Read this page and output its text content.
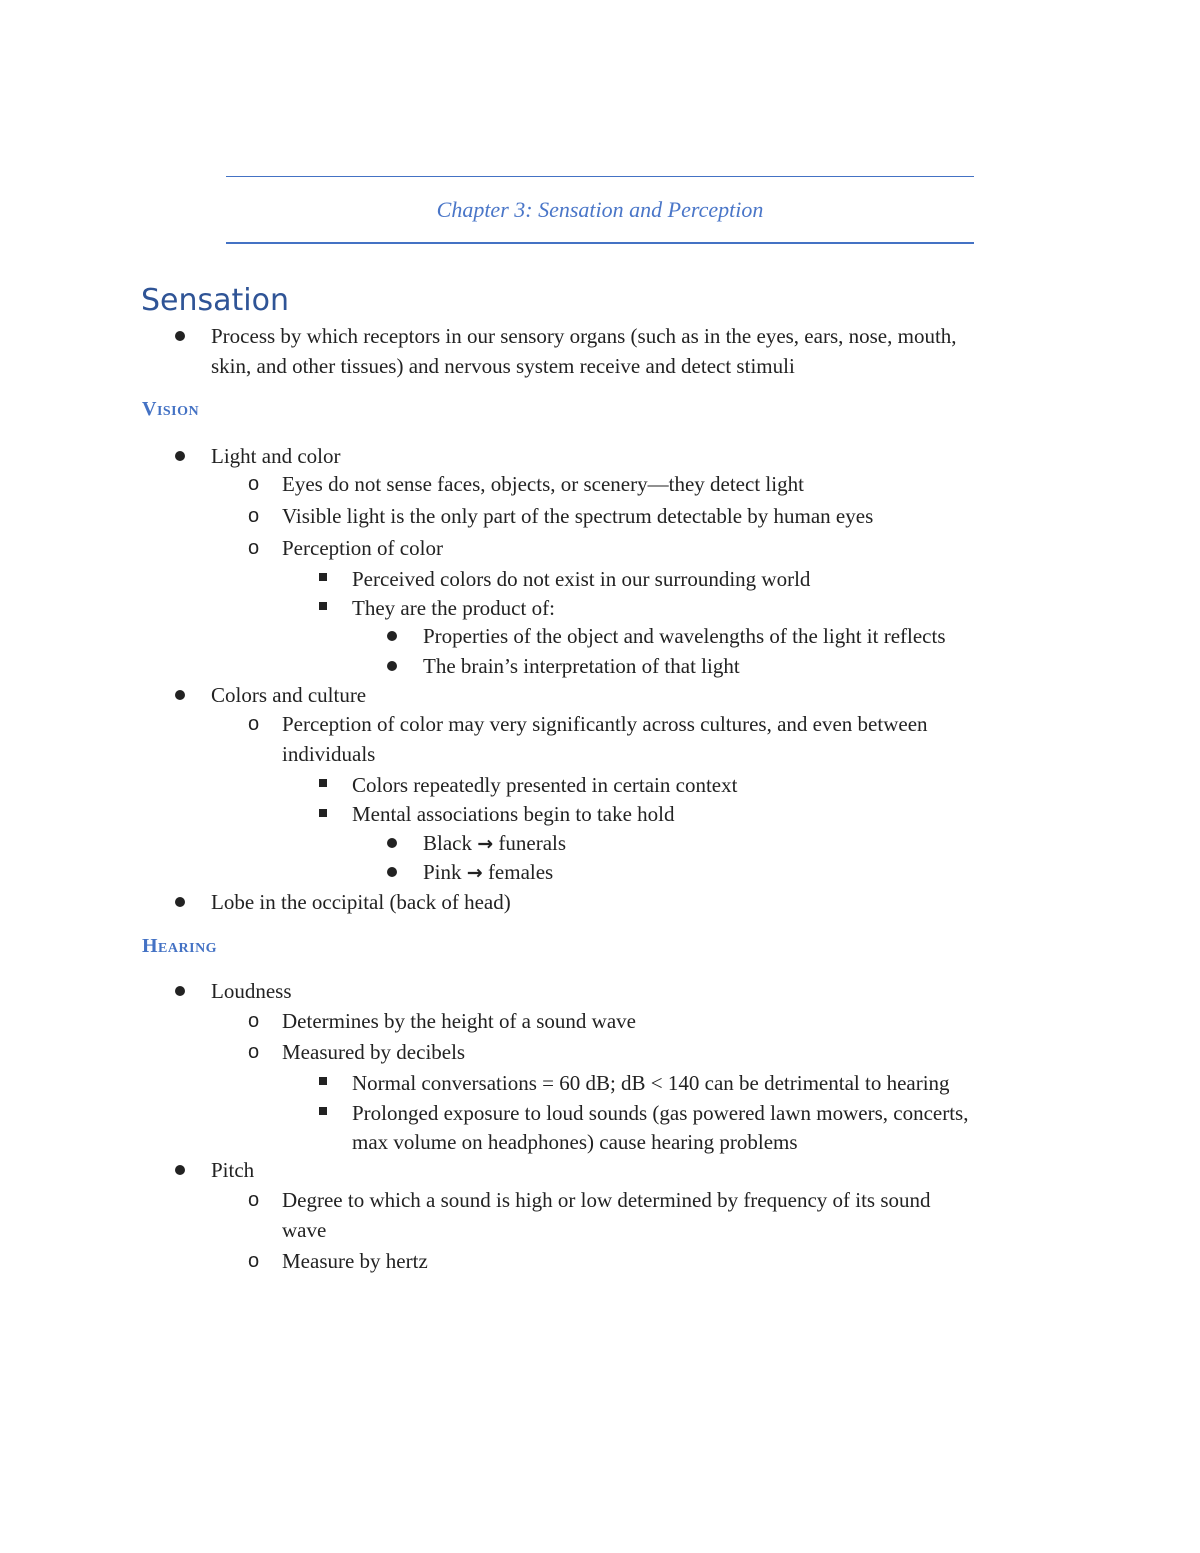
Chapter 3: Sensation and Perception
Sensation
Process by which receptors in our sensory organs (such as in the eyes, ears, nose, mouth,
skin, and other tissues) and nervous system receive and detect stimuli
Vision
Light and color
o Eyes do not sense faces, objects, or scenery—they detect light
o Visible light is the only part of the spectrum detectable by human eyes
o Perception of color
Perceived colors do not exist in our surrounding world
They are the product of:
Properties of the object and wavelengths of the light it reflects
The brain’s interpretation of that light
Colors and culture
o Perception of color may very significantly across cultures, and even between
individuals
Colors repeatedly presented in certain context
Mental associations begin to take hold
Black → funerals
Pink → females
Lobe in the occipital (back of head)
Hearing
Loudness
o Determines by the height of a sound wave
o Measured by decibels
Normal conversations = 60 dB; dB < 140 can be detrimental to hearing
Prolonged exposure to loud sounds (gas powered lawn mowers, concerts,
max volume on headphones) cause hearing problems
Pitch
o Degree to which a sound is high or low determined by frequency of its sound
wave
o Measure by hertz
